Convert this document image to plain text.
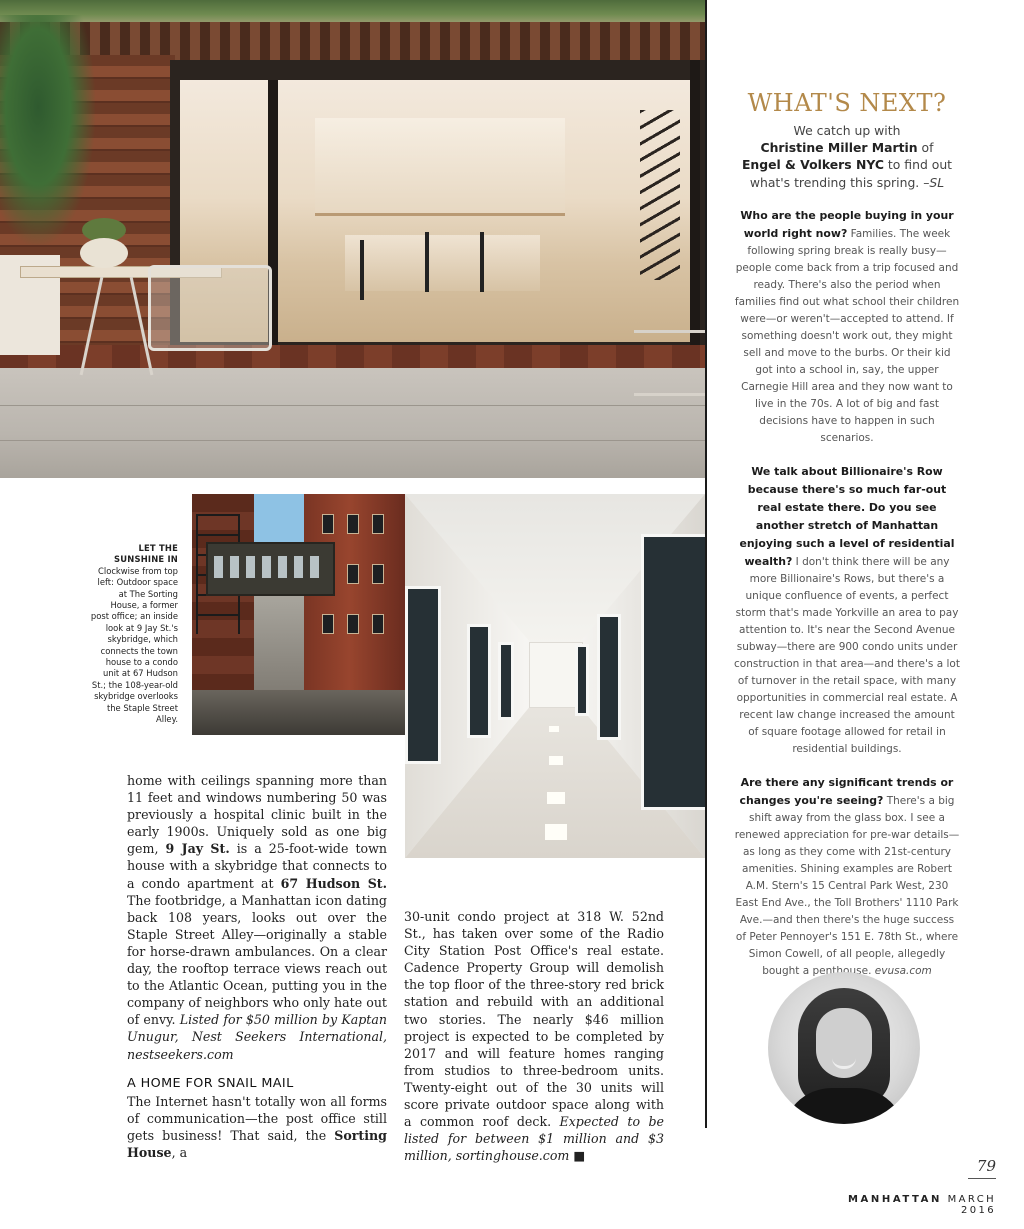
LET THE SUNSHINE IN Clockwise from top left: Outdoor space at The Sorting House, a former post office; an inside look at 9 Jay St.'s skybridge, which connects the town house to a condo unit at 67 Hudson St.; the 108-year-old skybridge overlooks the Staple Street Alley.
home with ceilings spanning more than 11 feet and windows numbering 50 was previously a hospital clinic built in the early 1900s. Uniquely sold as one big gem, 9 Jay St. is a 25-foot-wide town house with a skybridge that connects to a condo apartment at 67 Hudson St. The footbridge, a Manhattan icon dating back 108 years, looks out over the Staple Street Alley—originally a stable for horse-drawn ambulances. On a clear day, the rooftop terrace views reach out to the Atlantic Ocean, putting you in the company of neighbors who only hate out of envy. Listed for $50 million by Kaptan Unugur, Nest Seekers International, nestseekers.com
A HOME FOR SNAIL MAIL
The Internet hasn't totally won all forms of communication—the post office still gets business! That said, the Sorting House, a
30-unit condo project at 318 W. 52nd St., has taken over some of the Radio City Station Post Office's real estate. Cadence Property Group will demolish the top floor of the three-story red brick station and rebuild with an additional two stories. The nearly $46 million project is expected to be completed by 2017 and will feature homes ranging from studios to three-bedroom units. Twenty-eight out of the 30 units will score private outdoor space along with a common roof deck. Expected to be listed for between $1 million and $3 million, sortinghouse.com ■
WHAT'S NEXT?
We catch up with
Christine Miller Martin of
Engel & Volkers NYC to find out what's trending this spring. –SL
Who are the people buying in your world right now? Families. The week following spring break is really busy—people come back from a trip focused and ready. There's also the period when families find out what school their children were—or weren't—accepted to attend. If something doesn't work out, they might sell and move to the burbs. Or their kid got into a school in, say, the upper Carnegie Hill area and they now want to live in the 70s. A lot of big and fast decisions have to happen in such scenarios.
We talk about Billionaire's Row because there's so much far-out real estate there. Do you see another stretch of Manhattan enjoying such a level of residential wealth? I don't think there will be any more Billionaire's Rows, but there's a unique confluence of events, a perfect storm that's made Yorkville an area to pay attention to. It's near the Second Avenue subway—there are 900 condo units under construction in that area—and there's a lot of turnover in the retail space, with many opportunities in commercial real estate. A recent law change increased the amount of square footage allowed for retail in residential buildings.
Are there any significant trends or changes you're seeing? There's a big shift away from the glass box. I see a renewed appreciation for pre-war details—as long as they come with 21st-century amenities. Shining examples are Robert A.M. Stern's 15 Central Park West, 230 East End Ave., the Toll Brothers' 1110 Park Ave.—and then there's the huge success of Peter Pennoyer's 151 E. 78th St., where Simon Cowell, of all people, allegedly bought a penthouse. evusa.com
79
MANHATTAN MARCH 2016
